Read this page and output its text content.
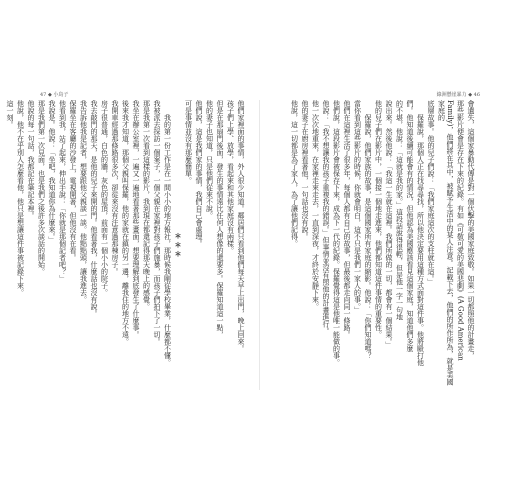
47 ◆ 小鳥子	綠洲懸崖暴力 ◆ 46
會遺失，這個家暴動代傳是對一個伏擊的美國家庭致敬。如果一切都照他的計畫走，
那些影片便會是存在下來的紀錄。有如《可敬可愛的美國悲劇》(A Good American
Family)，他們將在其中，被賦予生活中的某人注意。記載下去，他們的所作所為，就是美國家庭的
底層故事。他的兒子們說：「我們家庭這次的支柱就在這。」
保羅說，那個人正在找尋尋找，所以他決定要用這種方式面對這件事。他將毆打他
們。他知道後續可能會有的情況，但他認為美國應該看見這個家庭，知道他們多麼
的不堪，他說：「這就是我的家。」這段話說得很輕，但是他一字一句地
說出來。然後他說：「我這一生就在這裡。我們所做的一切，都會有一個結果。」
他的兒子們在影片中，一個接一個地走進來，他們都知道這件事情的重要性。
保羅說，他們家族的故事，是這個國家所有家庭的縮影。他說：「你們知道嗎？
當你看到這些影片的時候，你就會明白，這不只是我們一家人的事。」
他們在這裡生活了很多年，每個人都有自己的故事，但最後都走向同一條路。
他們說，這段影片會被保存下來，成為下一代的紀錄。保羅覺得這是他唯一能做的事。
他說：「我不想讓我的孩子重複我的錯誤。」但事情並沒有照他的計畫進行。
他一次次地重來，在家裡走來走去，一直到深夜，才終於安靜下來。
他的妻子在廚房裡看著他，一句話也沒有說。
他說，這一切都是為了家人，為了讓他們記得。
他們家裡面的事情，外人很少知道。鄰居們只看到他們每天早上出門，晚上回來。
孩子們上學、放學，看起來和其他家庭沒有兩樣。
但是在那扇門後面，發生的事情遠比任何人想像的還要多。保羅知道這一點，
他的妻子也知道，只是他們從來不說。
他們說，這是我們家的事情，我們自己會處理。
可是事情並沒有那麼簡單。
＊＊＊
我的第一份工作是在一間小小的地方報社，那時候我剛從學校畢業，什麼都不懂。
我被派去採訪一個案子，一個父親在家裡對孩子們施暴，而孩子們拍下了一切。
那是我第一次看到這樣的影片，我到現在都還記得那天晚上的感覺。
我坐在辦公室裡，一遍又一遍地看著那些畫面，想要理解到底發生了什麼事。
後來我才知道，那個父親叫保羅，他的家就在鎮的另一邊，離我住的地方不遠。
我開車經過那條路很多次，卻從來沒有注意過那棟房子。
房子很普通，白色的牆，灰色的屋頂，前面有一個小小的院子。
我去敲門的那天，是他的兒子來開的門。他看著我，什麼話也沒有說。
我告訴他我是記者，想要跟他父親談一談。他點點頭，讓我進去。
保羅坐在客廳的沙發上，電視開著，但他沒有在看。
他看到我，站了起來，伸出手說：「你就是那個記者吧？」
我說是。他說：「坐吧，我知道你為什麼來。」
那是我們第一次見面，也是我們之後許多次談話的開始。
他說的每一句話，我都記在筆記本裡。
他說，他不在乎別人怎麼看他，他只是想讓這件事被記錄下來。
這一刻。
